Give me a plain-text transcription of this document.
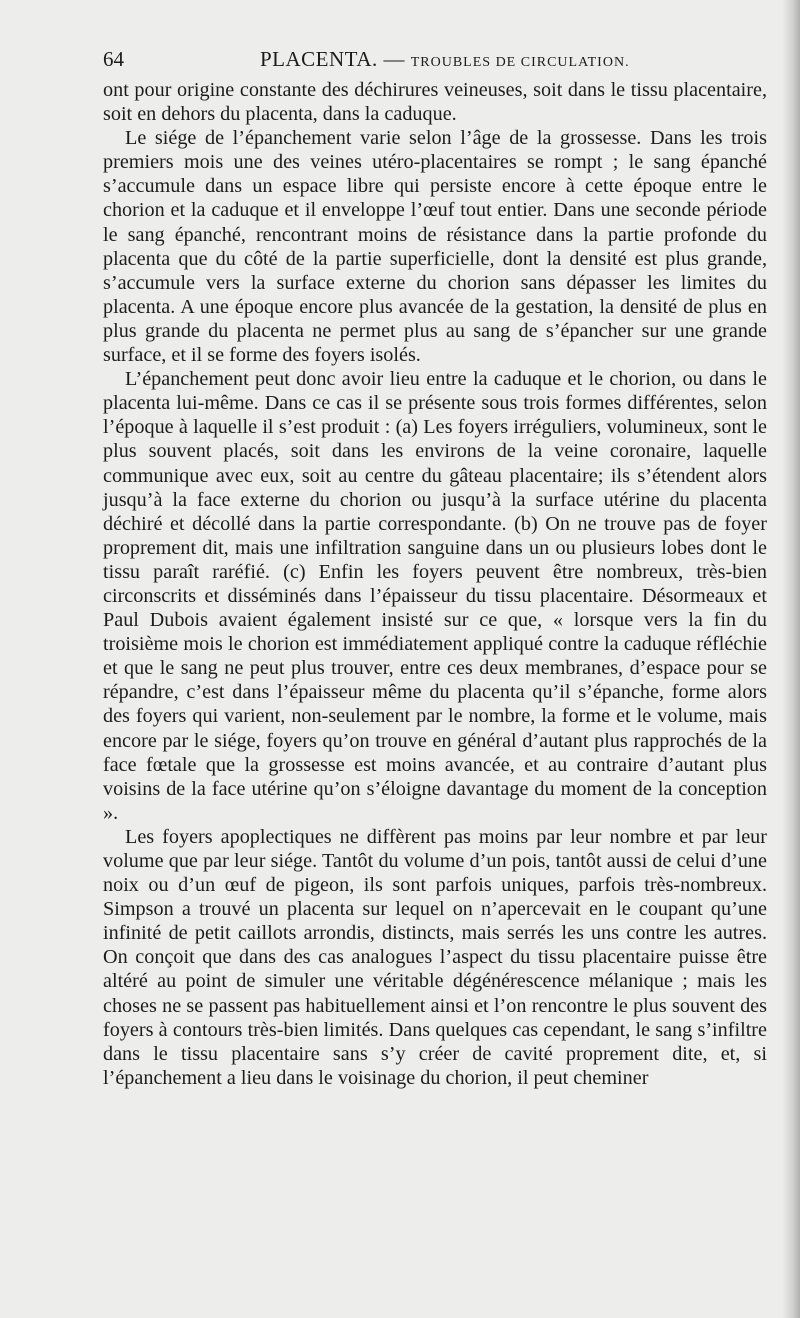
64	PLACENTA. — TROUBLES DE CIRCULATION.

ont pour origine constante des déchirures veineuses, soit dans le tissu placentaire, soit en dehors du placenta, dans la caduque.

Le siége de l’épanchement varie selon l’âge de la grossesse. Dans les trois premiers mois une des veines utéro-placentaires se rompt ; le sang épanché s’accumule dans un espace libre qui persiste encore à cette époque entre le chorion et la caduque et il enveloppe l’œuf tout entier. Dans une seconde période le sang épanché, rencontrant moins de résistance dans la partie profonde du placenta que du côté de la partie superficielle, dont la densité est plus grande, s’accumule vers la surface externe du chorion sans dépasser les limites du placenta. A une époque encore plus avancée de la gestation, la densité de plus en plus grande du placenta ne permet plus au sang de s’épancher sur une grande surface, et il se forme des foyers isolés.

L’épanchement peut donc avoir lieu entre la caduque et le chorion, ou dans le placenta lui-même. Dans ce cas il se présente sous trois formes différentes, selon l’époque à laquelle il s’est produit : (a) Les foyers irréguliers, volumineux, sont le plus souvent placés, soit dans les environs de la veine coronaire, laquelle communique avec eux, soit au centre du gâteau placentaire; ils s’étendent alors jusqu’à la face externe du chorion ou jusqu’à la surface utérine du placenta déchiré et décollé dans la partie correspondante. (b) On ne trouve pas de foyer proprement dit, mais une infiltration sanguine dans un ou plusieurs lobes dont le tissu paraît raréfié. (c) Enfin les foyers peuvent être nombreux, très-bien circonscrits et disséminés dans l’épaisseur du tissu placentaire. Désormeaux et Paul Dubois avaient également insisté sur ce que, « lorsque vers la fin du troisième mois le chorion est immédiatement appliqué contre la caduque réfléchie et que le sang ne peut plus trouver, entre ces deux membranes, d’espace pour se répandre, c’est dans l’épaisseur même du placenta qu’il s’épanche, forme alors des foyers qui varient, non-seulement par le nombre, la forme et le volume, mais encore par le siége, foyers qu’on trouve en général d’autant plus rapprochés de la face fœtale que la grossesse est moins avancée, et au contraire d’autant plus voisins de la face utérine qu’on s’éloigne davantage du moment de la conception ».

Les foyers apoplectiques ne diffèrent pas moins par leur nombre et par leur volume que par leur siége. Tantôt du volume d’un pois, tantôt aussi de celui d’une noix ou d’un œuf de pigeon, ils sont parfois uniques, parfois très-nombreux. Simpson a trouvé un placenta sur lequel on n’apercevait en le coupant qu’une infinité de petit caillots arrondis, distincts, mais serrés les uns contre les autres. On conçoit que dans des cas analogues l’aspect du tissu placentaire puisse être altéré au point de simuler une véritable dégénérescence mélanique ; mais les choses ne se passent pas habituellement ainsi et l’on rencontre le plus souvent des foyers à contours très-bien limités. Dans quelques cas cependant, le sang s’infiltre dans le tissu placentaire sans s’y créer de cavité proprement dite, et, si l’épanchement a lieu dans le voisinage du chorion, il peut cheminer
